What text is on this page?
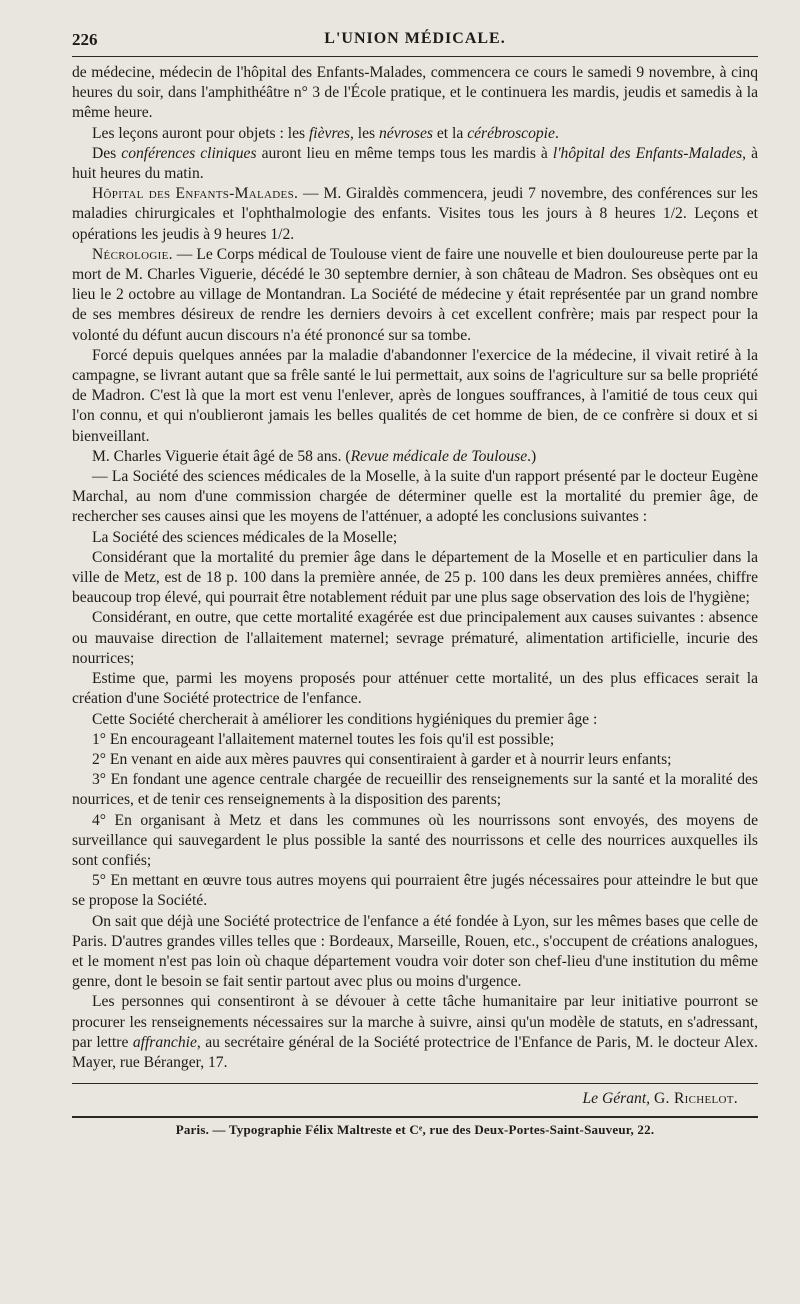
226	L'UNION MÉDICALE.

de médecine, médecin de l'hôpital des Enfants-Malades, commencera ce cours le samedi 9 novembre, à cinq heures du soir, dans l'amphithéâtre n° 3 de l'École pratique, et le continuera les mardis, jeudis et samedis à la même heure.

Les leçons auront pour objets : les fièvres, les névroses et la cérébroscopie.

Des conférences cliniques auront lieu en même temps tous les mardis à l'hôpital des Enfants-Malades, à huit heures du matin.

Hôpital des Enfants-Malades. — M. Giraldès commencera, jeudi 7 novembre, des conférences sur les maladies chirurgicales et l'ophthalmologie des enfants. Visites tous les jours à 8 heures 1/2. Leçons et opérations les jeudis à 9 heures 1/2.

Nécrologie. — Le Corps médical de Toulouse vient de faire une nouvelle et bien douloureuse perte par la mort de M. Charles Viguerie, décédé le 30 septembre dernier, à son château de Madron. Ses obsèques ont eu lieu le 2 octobre au village de Montandran. La Société de médecine y était représentée par un grand nombre de ses membres désireux de rendre les derniers devoirs à cet excellent confrère; mais par respect pour la volonté du défunt aucun discours n'a été prononcé sur sa tombe.

Forcé depuis quelques années par la maladie d'abandonner l'exercice de la médecine, il vivait retiré à la campagne, se livrant autant que sa frêle santé le lui permettait, aux soins de l'agriculture sur sa belle propriété de Madron. C'est là que la mort est venu l'enlever, après de longues souffrances, à l'amitié de tous ceux qui l'on connu, et qui n'oublieront jamais les belles qualités de cet homme de bien, de ce confrère si doux et si bienveillant.

M. Charles Viguerie était âgé de 58 ans. (Revue médicale de Toulouse.)

— La Société des sciences médicales de la Moselle, à la suite d'un rapport présenté par le docteur Eugène Marchal, au nom d'une commission chargée de déterminer quelle est la mortalité du premier âge, de rechercher ses causes ainsi que les moyens de l'atténuer, a adopté les conclusions suivantes :

La Société des sciences médicales de la Moselle;

Considérant que la mortalité du premier âge dans le département de la Moselle et en particulier dans la ville de Metz, est de 18 p. 100 dans la première année, de 25 p. 100 dans les deux premières années, chiffre beaucoup trop élevé, qui pourrait être notablement réduit par une plus sage observation des lois de l'hygiène;

Considérant, en outre, que cette mortalité exagérée est due principalement aux causes suivantes : absence ou mauvaise direction de l'allaitement maternel; sevrage prématuré, alimentation artificielle, incurie des nourrices;

Estime que, parmi les moyens proposés pour atténuer cette mortalité, un des plus efficaces serait la création d'une Société protectrice de l'enfance.

Cette Société chercherait à améliorer les conditions hygiéniques du premier âge :

1° En encourageant l'allaitement maternel toutes les fois qu'il est possible;

2° En venant en aide aux mères pauvres qui consentiraient à garder et à nourrir leurs enfants;

3° En fondant une agence centrale chargée de recueillir des renseignements sur la santé et la moralité des nourrices, et de tenir ces renseignements à la disposition des parents;

4° En organisant à Metz et dans les communes où les nourrissons sont envoyés, des moyens de surveillance qui sauvegardent le plus possible la santé des nourrissons et celle des nourrices auxquelles ils sont confiés;

5° En mettant en œuvre tous autres moyens qui pourraient être jugés nécessaires pour atteindre le but que se propose la Société.

On sait que déjà une Société protectrice de l'enfance a été fondée à Lyon, sur les mêmes bases que celle de Paris. D'autres grandes villes telles que : Bordeaux, Marseille, Rouen, etc., s'occupent de créations analogues, et le moment n'est pas loin où chaque département voudra voir doter son chef-lieu d'une institution du même genre, dont le besoin se fait sentir partout avec plus ou moins d'urgence.

Les personnes qui consentiront à se dévouer à cette tâche humanitaire par leur initiative pourront se procurer les renseignements nécessaires sur la marche à suivre, ainsi qu'un modèle de statuts, en s'adressant, par lettre affranchie, au secrétaire général de la Société protectrice de l'Enfance de Paris, M. le docteur Alex. Mayer, rue Béranger, 17.

Le Gérant, G. Richelot.
Paris. — Typographie Félix Maltreste et Cᵉ, rue des Deux-Portes-Saint-Sauveur, 22.
